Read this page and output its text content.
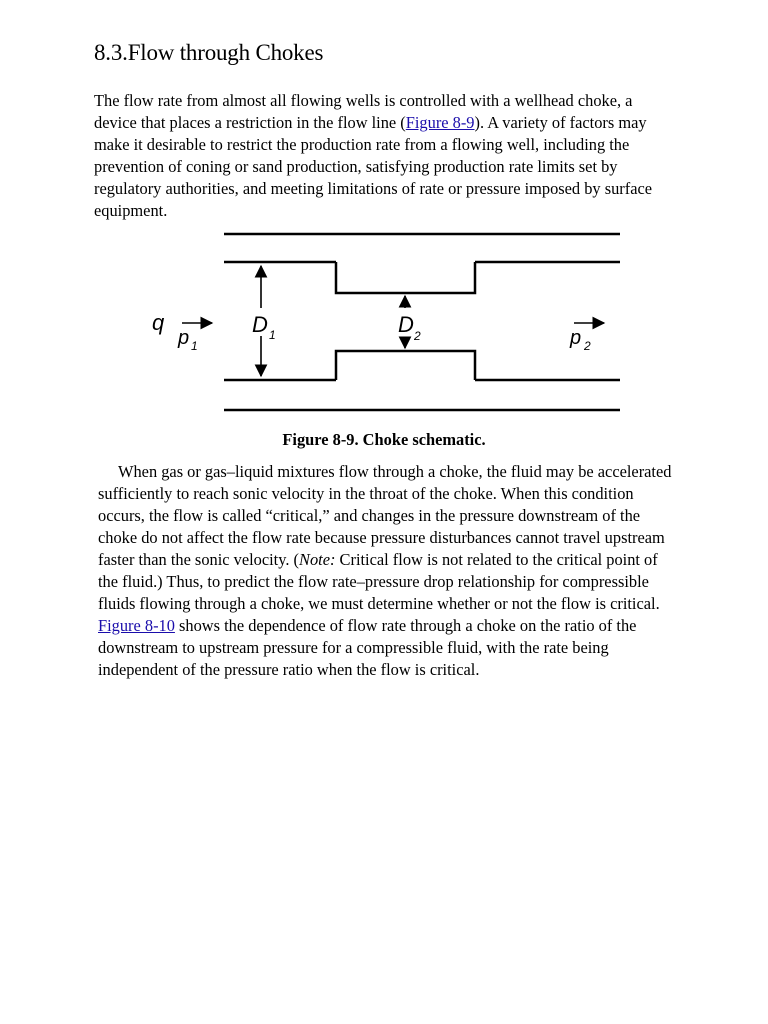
8.3.Flow through Chokes

The flow rate from almost all flowing wells is controlled with a wellhead choke, a device that places a restriction in the flow line (Figure 8-9). A variety of factors may make it desirable to restrict the production rate from a flowing well, including the prevention of coning or sand production, satisfying production rate limits set by regulatory authorities, and meeting limitations of rate or pressure imposed by surface equipment.

q
p 1
D 1	D 2	p 2

Figure 8-9. Choke schematic.

When gas or gas–liquid mixtures flow through a choke, the fluid may be accelerated sufficiently to reach sonic velocity in the throat of the choke. When this condition occurs, the flow is called “critical,” and changes in the pressure downstream of the choke do not affect the flow rate because pressure disturbances cannot travel upstream faster than the sonic velocity. (Note: Critical flow is not related to the critical point of the fluid.) Thus, to predict the flow rate–pressure drop relationship for compressible fluids flowing through a choke, we must determine whether or not the flow is critical. Figure 8-10 shows the dependence of flow rate through a choke on the ratio of the downstream to upstream pressure for a compressible fluid, with the rate being independent of the pressure ratio when the flow is critical.
